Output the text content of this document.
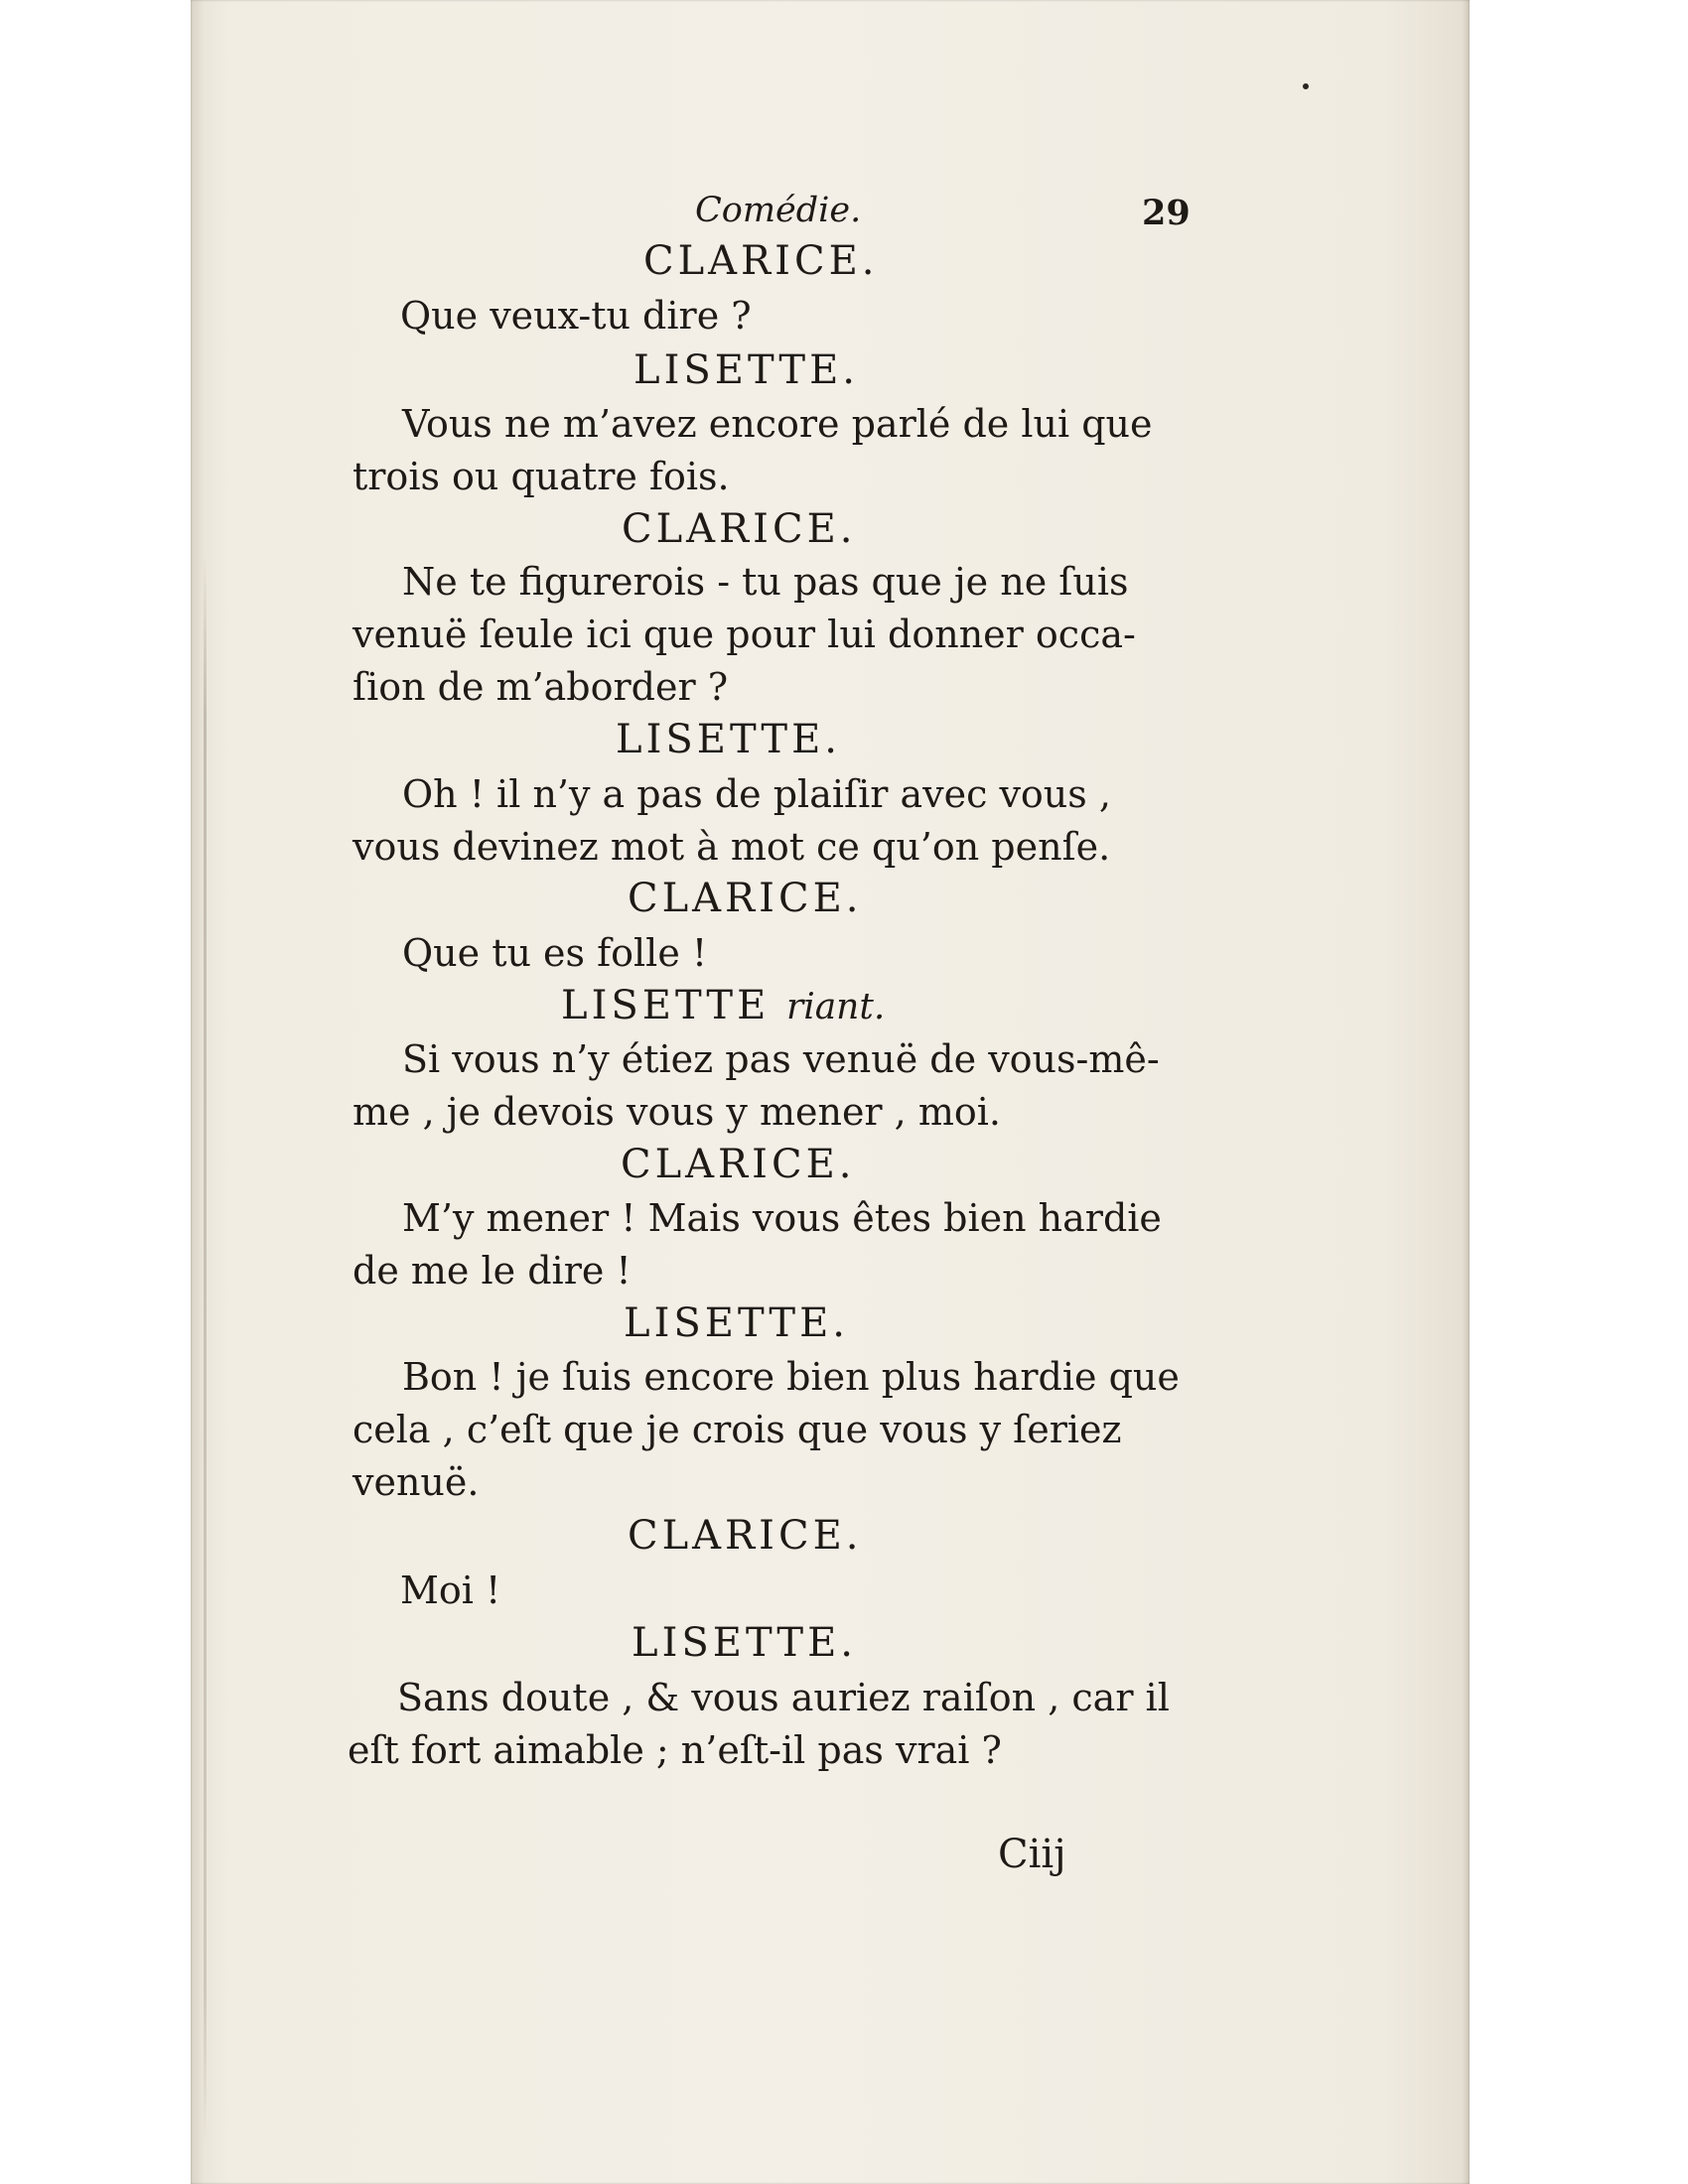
Comédie.	29
CLARICE.
Que veux-tu dire ?
LISETTE.
Vous ne m’avez encore parlé de lui que
trois ou quatre fois.
CLARICE.
Ne te figurerois - tu pas que je ne ſuis
venuë ſeule ici que pour lui donner occa-
ſion de m’aborder ?
LISETTE.
Oh ! il n’y a pas de plaiſir avec vous ,
vous devinez mot à mot ce qu’on penſe.
CLARICE.
Que tu es folle !
LISETTE riant.
Si vous n’y étiez pas venuë de vous-mê-
me , je devois vous y mener , moi.
CLARICE.
M’y mener ! Mais vous êtes bien hardie
de me le dire !
LISETTE.
Bon ! je ſuis encore bien plus hardie que
cela , c’eſt que je crois que vous y ſeriez
venuë.
CLARICE.
Moi !
LISETTE.
Sans doute , & vous auriez raiſon , car il
eſt fort aimable ; n’eſt-il pas vrai ?
Ciij
